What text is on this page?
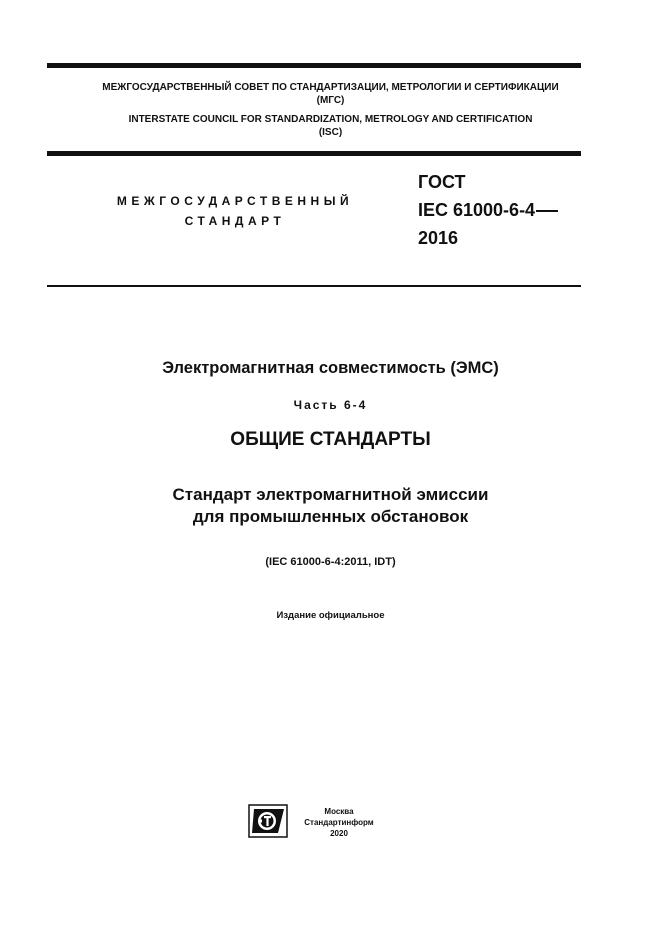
МЕЖГОСУДАРСТВЕННЫЙ СОВЕТ ПО СТАНДАРТИЗАЦИИ, МЕТРОЛОГИИ И СЕРТИФИКАЦИИ
(МГС)
INTERSTATE COUNCIL FOR STANDARDIZATION, METROLOGY AND CERTIFICATION
(ISC)
МЕЖГОСУДАРСТВЕННЫЙ
СТАНДАРТ
ГОСТ
IEC 61000-6-4
2016
Электромагнитная совместимость (ЭМС)
Часть 6-4
ОБЩИЕ СТАНДАРТЫ
Стандарт электромагнитной эмиссии
для промышленных обстановок
(IEC 61000-6-4:2011, IDT)
Издание официальное
Москва
Стандартинформ
2020
